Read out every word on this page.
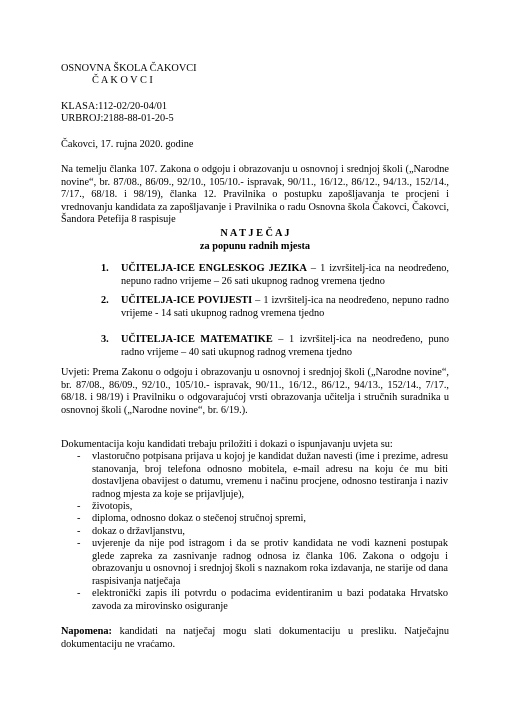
OSNOVNA ŠKOLA ČAKOVCI
Č A K O V C I
KLASA:112-02/20-04/01
URBROJ:2188-88-01-20-5
Čakovci, 17. rujna 2020. godine
Na temelju članka 107. Zakona o odgoju i obrazovanju u osnovnoj i srednjoj školi („Narodne novine“, br. 87/08., 86/09., 92/10., 105/10.- ispravak, 90/11., 16/12., 86/12., 94/13., 152/14., 7/17., 68/18. i 98/19), članka 12. Pravilnika o postupku zapošljavanja te procjeni i vrednovanju kandidata za zapošljavanje i Pravilnika o radu Osnovna škola Čakovci, Čakovci, Šandora Petefija 8 raspisuje
N A T J E Č A J
za popunu radnih mjesta
1. UČITELJA-ICE ENGLESKOG JEZIKA – 1 izvršitelj-ica na neodređeno, nepuno radno vrijeme – 26 sati ukupnog radnog vremena tjedno
2. UČITELJA-ICE POVIJESTI – 1 izvršitelj-ica na neodređeno, nepuno radno vrijeme - 14 sati ukupnog radnog vremena tjedno
3. UČITELJA-ICE MATEMATIKE – 1 izvršitelj-ica na neodređeno, puno radno vrijeme – 40 sati ukupnog radnog vremena tjedno
Uvjeti: Prema Zakonu o odgoju i obrazovanju u osnovnoj i srednjoj školi („Narodne novine“, br. 87/08., 86/09., 92/10., 105/10.- ispravak, 90/11., 16/12., 86/12., 94/13., 152/14., 7/17., 68/18. i 98/19) i Pravilniku o odgovarajućoj vrsti obrazovanja učitelja i stručnih suradnika u osnovnoj školi („Narodne novine“, br. 6/19.).
Dokumentacija koju kandidati trebaju priložiti i dokazi o ispunjavanju uvjeta su:
- vlastoručno potpisana prijava u kojoj je kandidat dužan navesti (ime i prezime, adresu stanovanja, broj telefona odnosno mobitela, e-mail adresu na koju će mu biti dostavljena obavijest o datumu, vremenu i načinu procjene, odnosno testiranja i naziv radnog mjesta za koje se prijavljuje),
- životopis,
- diploma, odnosno dokaz o stečenoj stručnoj spremi,
- dokaz o državljanstvu,
- uvjerenje da nije pod istragom i da se protiv kandidata ne vodi kazneni postupak glede zapreka za zasnivanje radnog odnosa iz članka 106. Zakona o odgoju i obrazovanju u osnovnoj i srednjoj školi s naznakom roka izdavanja, ne starije od dana raspisivanja natječaja
- elektronički zapis ili potvrdu o podacima evidentiranim u bazi podataka Hrvatsko zavoda za mirovinsko osiguranje
Napomena: kandidati na natječaj mogu slati dokumentaciju u presliku. Natječajnu dokumentaciju ne vraćamo.
